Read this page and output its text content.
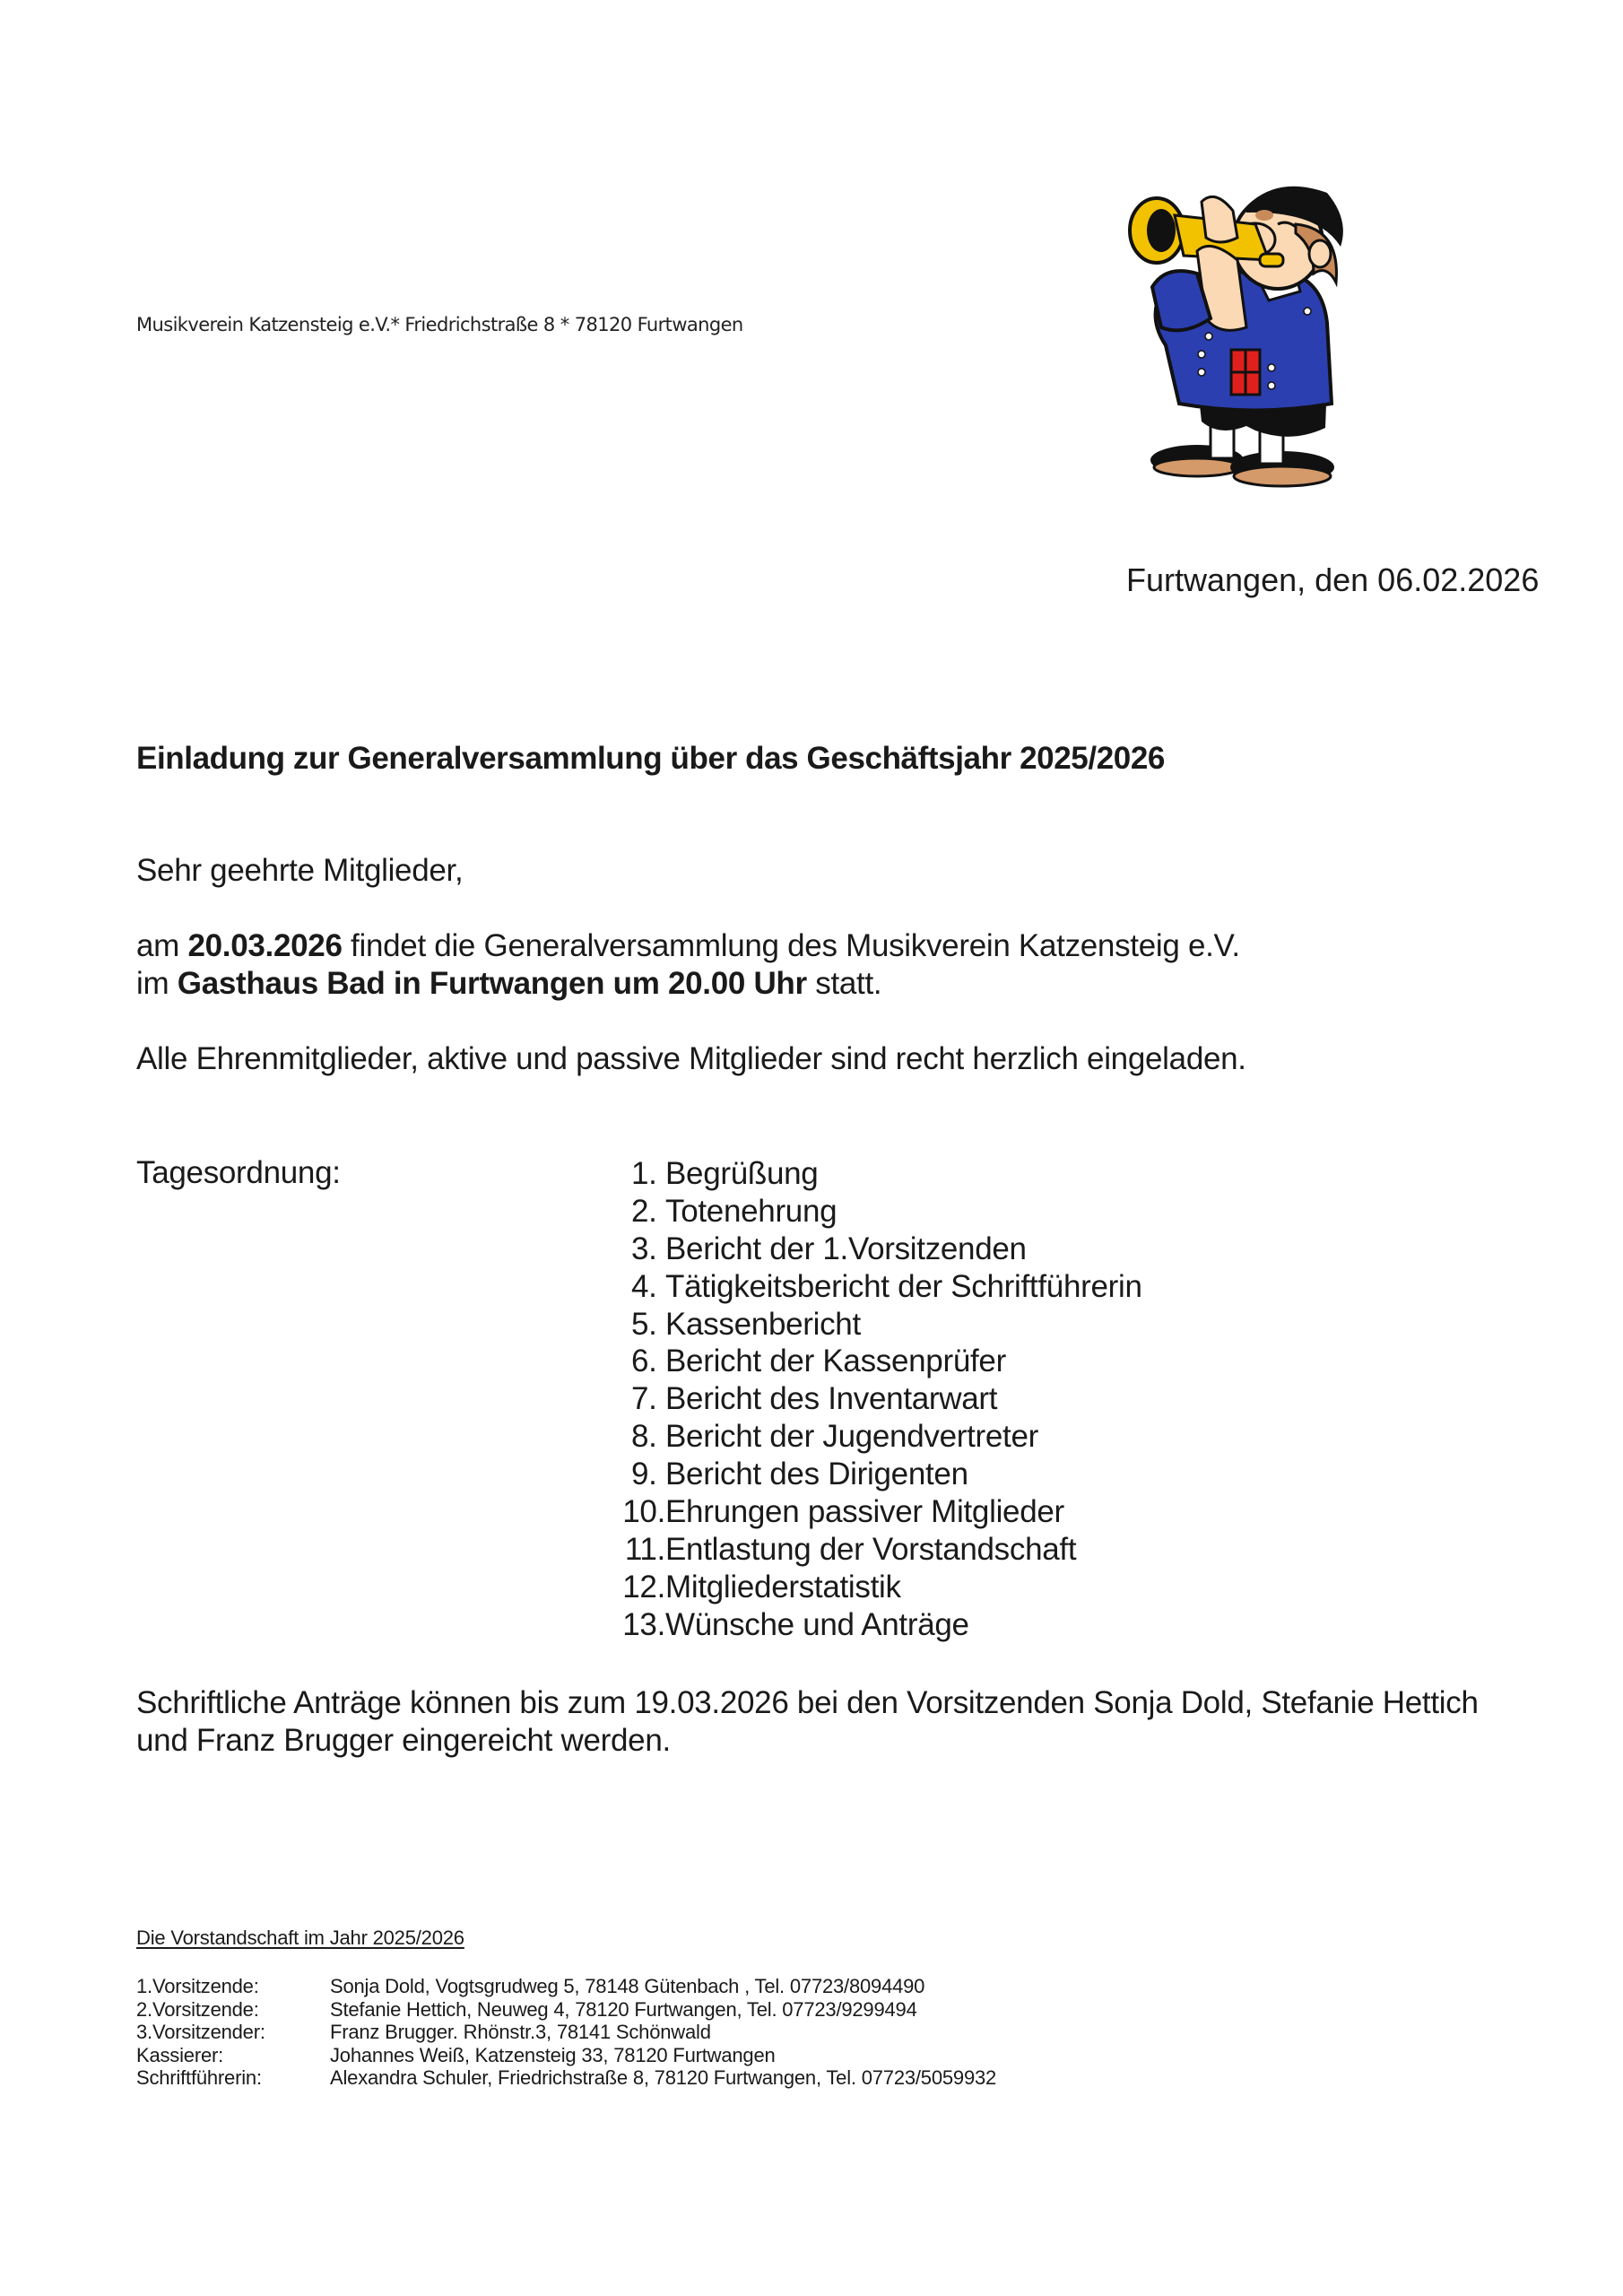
Musikverein Katzensteig e.V.* Friedrichstraße 8 * 78120 Furtwangen
Furtwangen, den 06.02.2026
Einladung zur Generalversammlung über das Geschäftsjahr 2025/2026
Sehr geehrte Mitglieder,
am 20.03.2026 findet die Generalversammlung des Musikverein Katzensteig e.V.
im Gasthaus Bad in Furtwangen um 20.00 Uhr statt.
Alle Ehrenmitglieder, aktive und passive Mitglieder sind recht herzlich eingeladen.
Tagesordnung:	1. Begrüßung
2. Totenehrung
3. Bericht der 1.Vorsitzenden
4. Tätigkeitsbericht der Schriftführerin
5. Kassenbericht
6. Bericht der Kassenprüfer
7. Bericht des Inventarwart
8. Bericht der Jugendvertreter
9. Bericht des Dirigenten
10. Ehrungen passiver Mitglieder
11. Entlastung der Vorstandschaft
12. Mitgliederstatistik
13. Wünsche und Anträge
Schriftliche Anträge können bis zum 19.03.2026 bei den Vorsitzenden Sonja Dold, Stefanie Hettich
und Franz Brugger eingereicht werden.
Die Vorstandschaft im Jahr 2025/2026
1.Vorsitzende:	Sonja Dold, Vogtsgrudweg 5, 78148 Gütenbach , Tel. 07723/8094490
2.Vorsitzende:	Stefanie Hettich, Neuweg 4, 78120 Furtwangen, Tel. 07723/9299494
3.Vorsitzender:	Franz Brugger. Rhönstr.3, 78141 Schönwald
Kassierer:	Johannes Weiß, Katzensteig 33, 78120 Furtwangen
Schriftführerin:	Alexandra Schuler, Friedrichstraße 8, 78120 Furtwangen, Tel. 07723/5059932
